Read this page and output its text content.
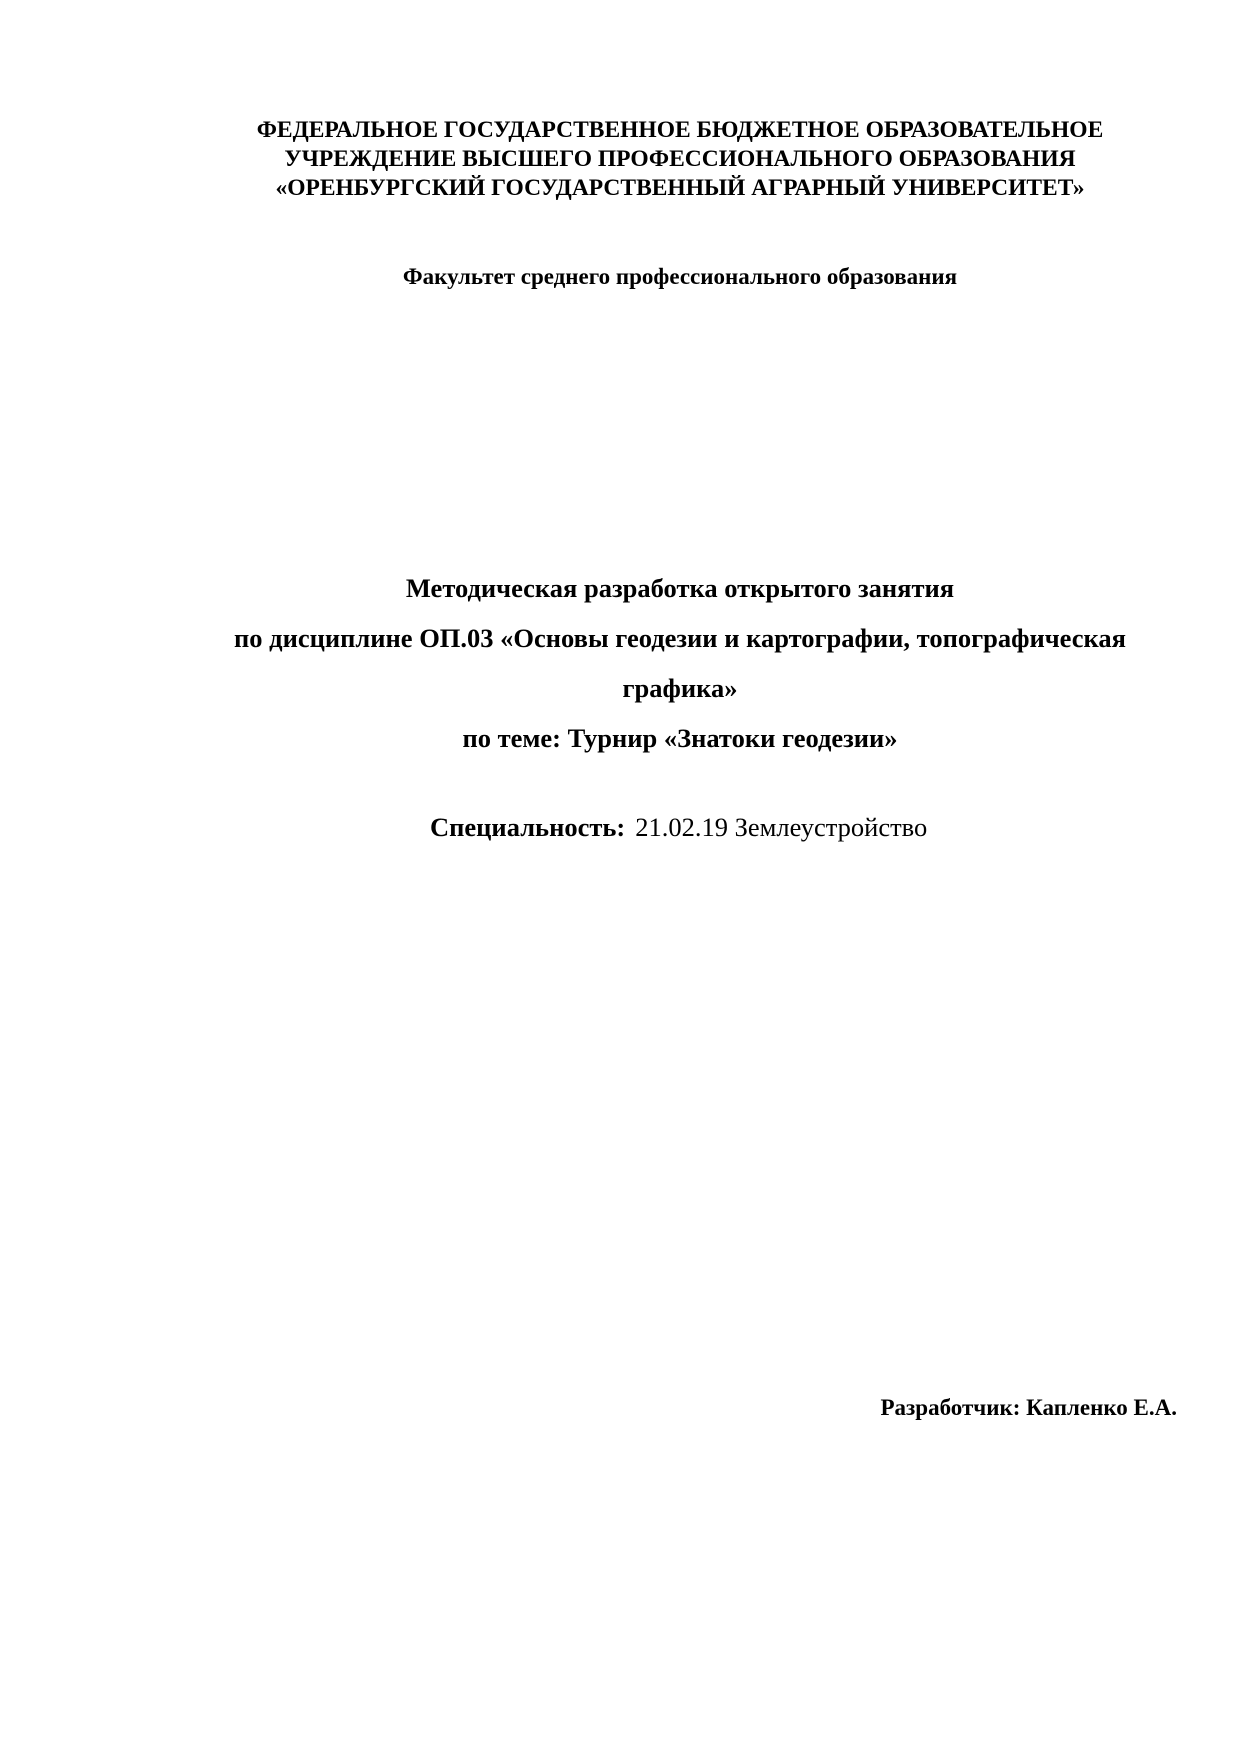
ФЕДЕРАЛЬНОЕ ГОСУДАРСТВЕННОЕ БЮДЖЕТНОЕ ОБРАЗОВАТЕЛЬНОЕ
УЧРЕЖДЕНИЕ ВЫСШЕГО ПРОФЕССИОНАЛЬНОГО ОБРАЗОВАНИЯ
«ОРЕНБУРГСКИЙ ГОСУДАРСТВЕННЫЙ АГРАРНЫЙ УНИВЕРСИТЕТ»
Факультет среднего профессионального образования
Методическая разработка открытого занятия
по дисциплине ОП.03 «Основы геодезии и картографии, топографическая
графика»
по теме: Турнир «Знатоки геодезии»
Специальность: 21.02.19 Землеустройство
Разработчик: Капленко Е.А.
